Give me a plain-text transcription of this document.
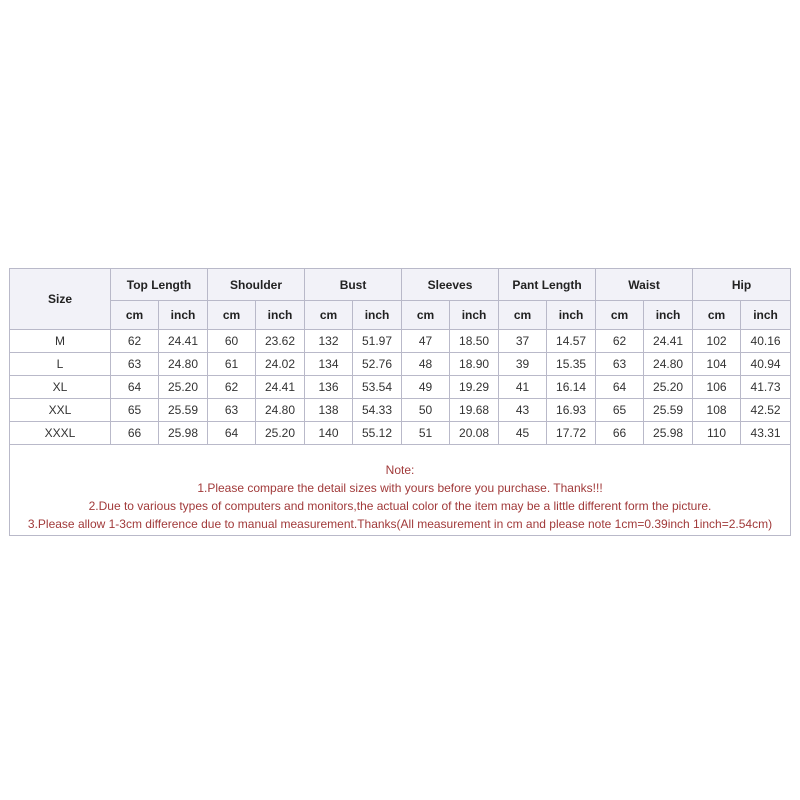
Size	Top Length		Shoulder		Bust		Sleeves		Pant Length		Waist		Hip	
	cm	inch	cm	inch	cm	inch	cm	inch	cm	inch	cm	inch	cm	inch
M	62	24.41	60	23.62	132	51.97	47	18.50	37	14.57	62	24.41	102	40.16
L	63	24.80	61	24.02	134	52.76	48	18.90	39	15.35	63	24.80	104	40.94
XL	64	25.20	62	24.41	136	53.54	49	19.29	41	16.14	64	25.20	106	41.73
XXL	65	25.59	63	24.80	138	54.33	50	19.68	43	16.93	65	25.59	108	42.52
XXXL	66	25.98	64	25.20	140	55.12	51	20.08	45	17.72	66	25.98	110	43.31
Note:
1.Please compare the detail sizes with yours before you purchase. Thanks!!!
2.Due to various types of computers and monitors,the actual color of the item may be a little different form the picture.
3.Please allow 1-3cm difference due to manual measurement.Thanks(All measurement in cm and please note 1cm=0.39inch 1inch=2.54cm)
